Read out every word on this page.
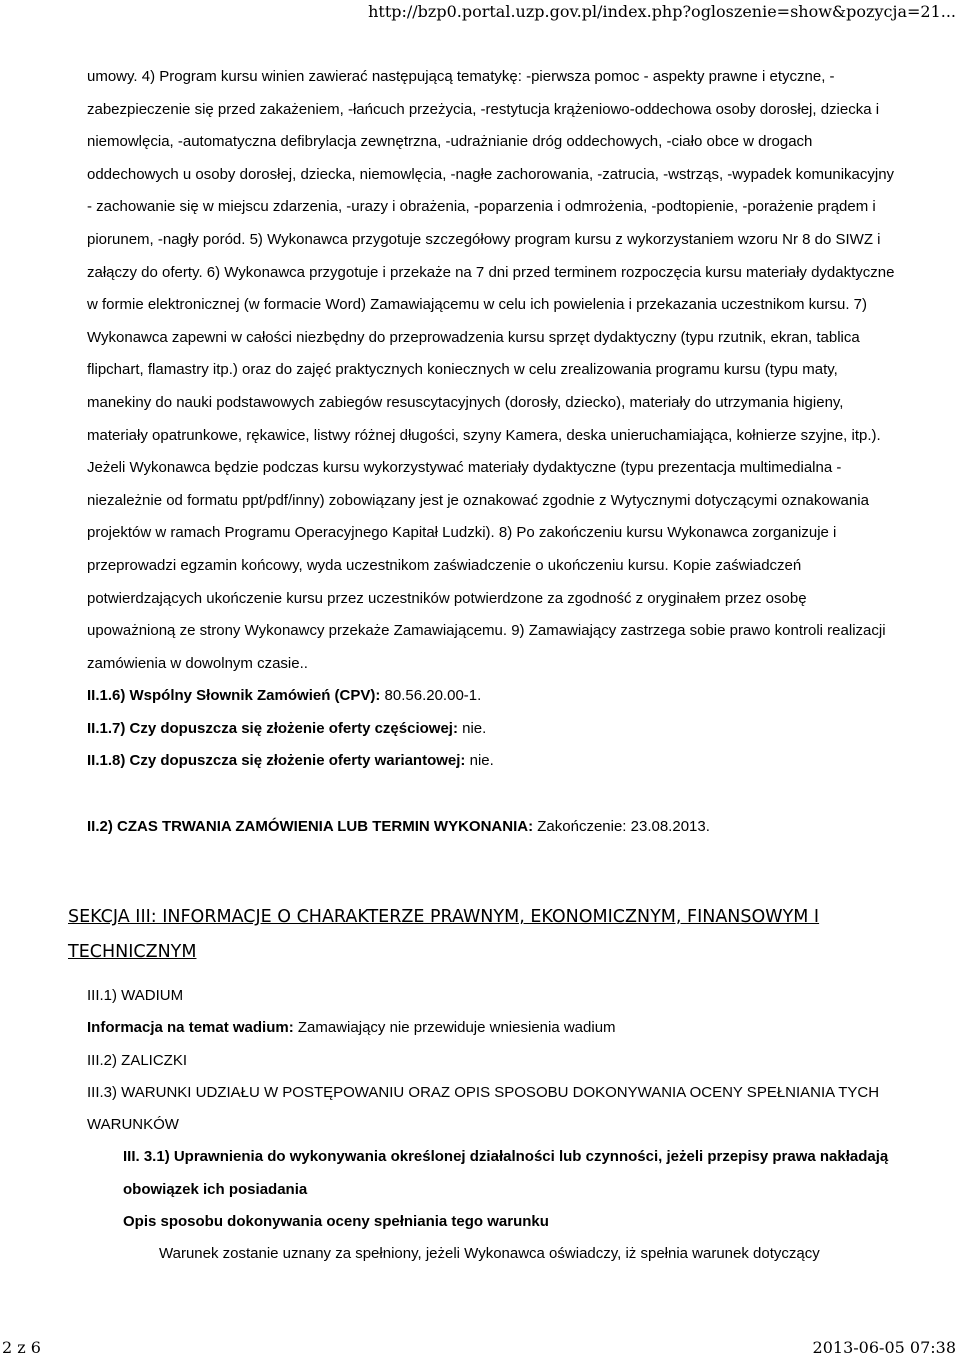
http://bzp0.portal.uzp.gov.pl/index.php?ogloszenie=show&pozycja=21...

umowy. 4) Program kursu winien zawierać następującą tematykę: -pierwsza pomoc - aspekty prawne i etyczne, -zabezpieczenie się przed zakażeniem, -łańcuch przeżycia, -restytucja krążeniowo-oddechowa osoby dorosłej, dziecka i niemowlęcia, -automatyczna defibrylacja zewnętrzna, -udrażnianie dróg oddechowych, -ciało obce w drogach oddechowych u osoby dorosłej, dziecka, niemowlęcia, -nagłe zachorowania, -zatrucia, -wstrząs, -wypadek komunikacyjny - zachowanie się w miejscu zdarzenia, -urazy i obrażenia, -poparzenia i odmrożenia, -podtopienie, -porażenie prądem i piorunem, -nagły poród. 5) Wykonawca przygotuje szczegółowy program kursu z wykorzystaniem wzoru Nr 8 do SIWZ i załączy do oferty. 6) Wykonawca przygotuje i przekaże na 7 dni przed terminem rozpoczęcia kursu materiały dydaktyczne w formie elektronicznej (w formacie Word) Zamawiającemu w celu ich powielenia i przekazania uczestnikom kursu. 7) Wykonawca zapewni w całości niezbędny do przeprowadzenia kursu sprzęt dydaktyczny (typu rzutnik, ekran, tablica flipchart, flamastry itp.) oraz do zajęć praktycznych koniecznych w celu zrealizowania programu kursu (typu maty, manekiny do nauki podstawowych zabiegów resuscytacyjnych (dorosły, dziecko), materiały do utrzymania higieny, materiały opatrunkowe, rękawice, listwy różnej długości, szyny Kamera, deska unieruchamiająca, kołnierze szyjne, itp.). Jeżeli Wykonawca będzie podczas kursu wykorzystywać materiały dydaktyczne (typu prezentacja multimedialna - niezależnie od formatu ppt/pdf/inny) zobowiązany jest je oznakować zgodnie z Wytycznymi dotyczącymi oznakowania projektów w ramach Programu Operacyjnego Kapitał Ludzki). 8) Po zakończeniu kursu Wykonawca zorganizuje i przeprowadzi egzamin końcowy, wyda uczestnikom zaświadczenie o ukończeniu kursu. Kopie zaświadczeń potwierdzających ukończenie kursu przez uczestników potwierdzone za zgodność z oryginałem przez osobę upoważnioną ze strony Wykonawcy przekaże Zamawiającemu. 9) Zamawiający zastrzega sobie prawo kontroli realizacji zamówienia w dowolnym czasie..

II.1.6) Wspólny Słownik Zamówień (CPV): 80.56.20.00-1.

II.1.7) Czy dopuszcza się złożenie oferty częściowej: nie.

II.1.8) Czy dopuszcza się złożenie oferty wariantowej: nie.

II.2) CZAS TRWANIA ZAMÓWIENIA LUB TERMIN WYKONANIA: Zakończenie: 23.08.2013.

SEKCJA III: INFORMACJE O CHARAKTERZE PRAWNYM, EKONOMICZNYM, FINANSOWYM I TECHNICZNYM

III.1) WADIUM

Informacja na temat wadium: Zamawiający nie przewiduje wniesienia wadium

III.2) ZALICZKI

III.3) WARUNKI UDZIAŁU W POSTĘPOWANIU ORAZ OPIS SPOSOBU DOKONYWANIA OCENY SPEŁNIANIA TYCH WARUNKÓW

III. 3.1) Uprawnienia do wykonywania określonej działalności lub czynności, jeżeli przepisy prawa nakładają obowiązek ich posiadania

Opis sposobu dokonywania oceny spełniania tego warunku

Warunek zostanie uznany za spełniony, jeżeli Wykonawca oświadczy, iż spełnia warunek dotyczący

2 z 6	2013-06-05 07:38
